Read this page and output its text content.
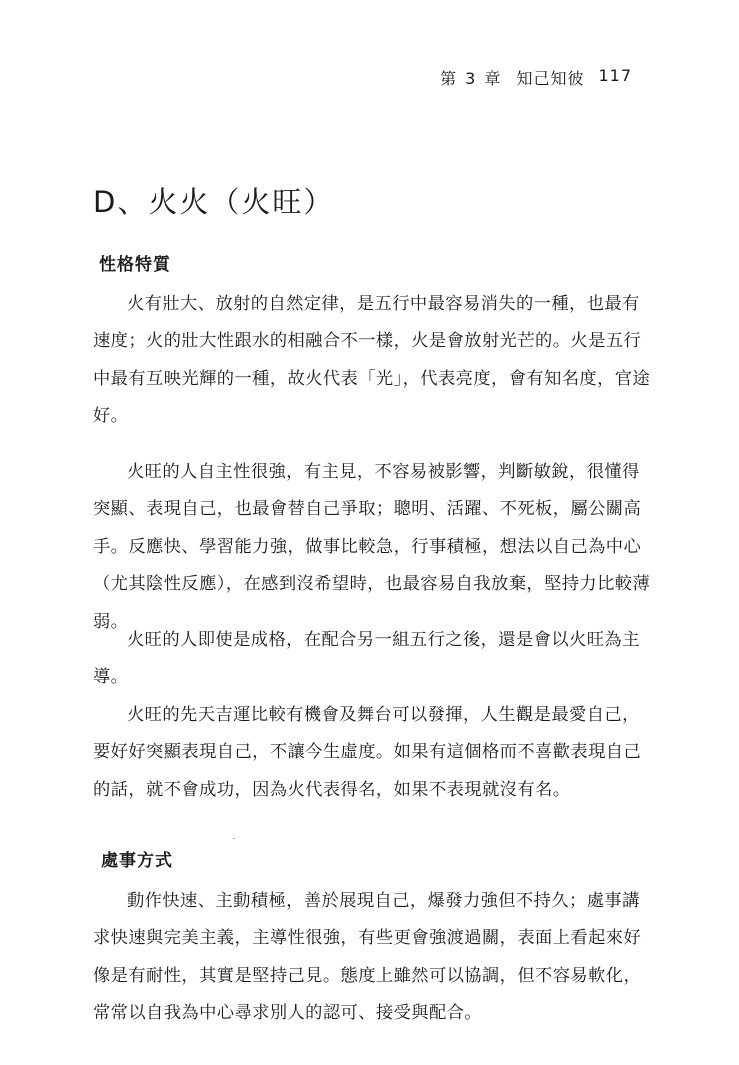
第 3 章 知己知彼 117
D、火火（火旺）
性格特質

火有壯大、放射的自然定律，是五行中最容易消失的一種，也最有速度；火的壯大性跟水的相融合不一樣，火是會放射光芒的。火是五行中最有互映光輝的一種，故火代表「光」，代表亮度，會有知名度，官途好。

火旺的人自主性很強，有主見，不容易被影響，判斷敏銳，很懂得突顯、表現自己，也最會替自己爭取；聰明、活躍、不死板，屬公關高手。反應快、學習能力強，做事比較急，行事積極，想法以自己為中心（尤其陰性反應），在感到沒希望時，也最容易自我放棄，堅持力比較薄弱。

火旺的人即使是成格，在配合另一組五行之後，還是會以火旺為主導。

火旺的先天吉運比較有機會及舞台可以發揮，人生觀是最愛自己，要好好突顯表現自己，不讓今生虛度。如果有這個格而不喜歡表現自己的話，就不會成功，因為火代表得名，如果不表現就沒有名。

處事方式

動作快速、主動積極，善於展現自己，爆發力強但不持久；處事講求快速與完美主義，主導性很強，有些更會強渡過關，表面上看起來好像是有耐性，其實是堅持己見。態度上雖然可以協調，但不容易軟化，常常以自我為中心尋求別人的認可、接受與配合。
